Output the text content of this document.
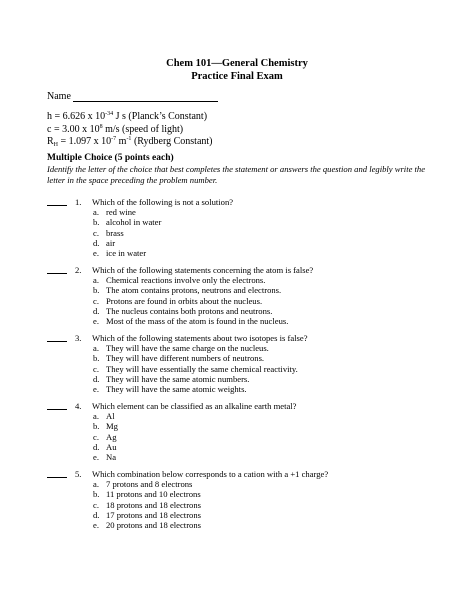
Chem 101—General Chemistry
Practice Final Exam
Name
h = 6.626 x $10^{-34}$ J s (Planck’s Constant)
c = 3.00 x $10^8$ m/s (speed of light)
$R_H = 1.097$ x $10^{-7}$ $m^{-1}$ (Rydberg Constant)
Multiple Choice (5 points each)
Identify the letter of the choice that best completes the statement or answers the question and legibly write the letter in the space preceding the problem number.
1.	Which of the following is not a solution?
a. red wine
b. alcohol in water
c. brass
d. air
e. ice in water
2.	Which of the following statements concerning the atom is false?
a. Chemical reactions involve only the electrons.
b. The atom contains protons, neutrons and electrons.
c. Protons are found in orbits about the nucleus.
d. The nucleus contains both protons and neutrons.
e. Most of the mass of the atom is found in the nucleus.
3.	Which of the following statements about two isotopes is false?
a. They will have the same charge on the nucleus.
b. They will have different numbers of neutrons.
c. They will have essentially the same chemical reactivity.
d. They will have the same atomic numbers.
e. They will have the same atomic weights.
4.	Which element can be classified as an alkaline earth metal?
a. Al
b. Mg
c. Ag
d. Au
e. Na
5.	Which combination below corresponds to a cation with a +1 charge?
a. 7 protons and 8 electrons
b. 11 protons and 10 electrons
c. 18 protons and 18 electrons
d. 17 protons and 18 electrons
e. 20 protons and 18 electrons
